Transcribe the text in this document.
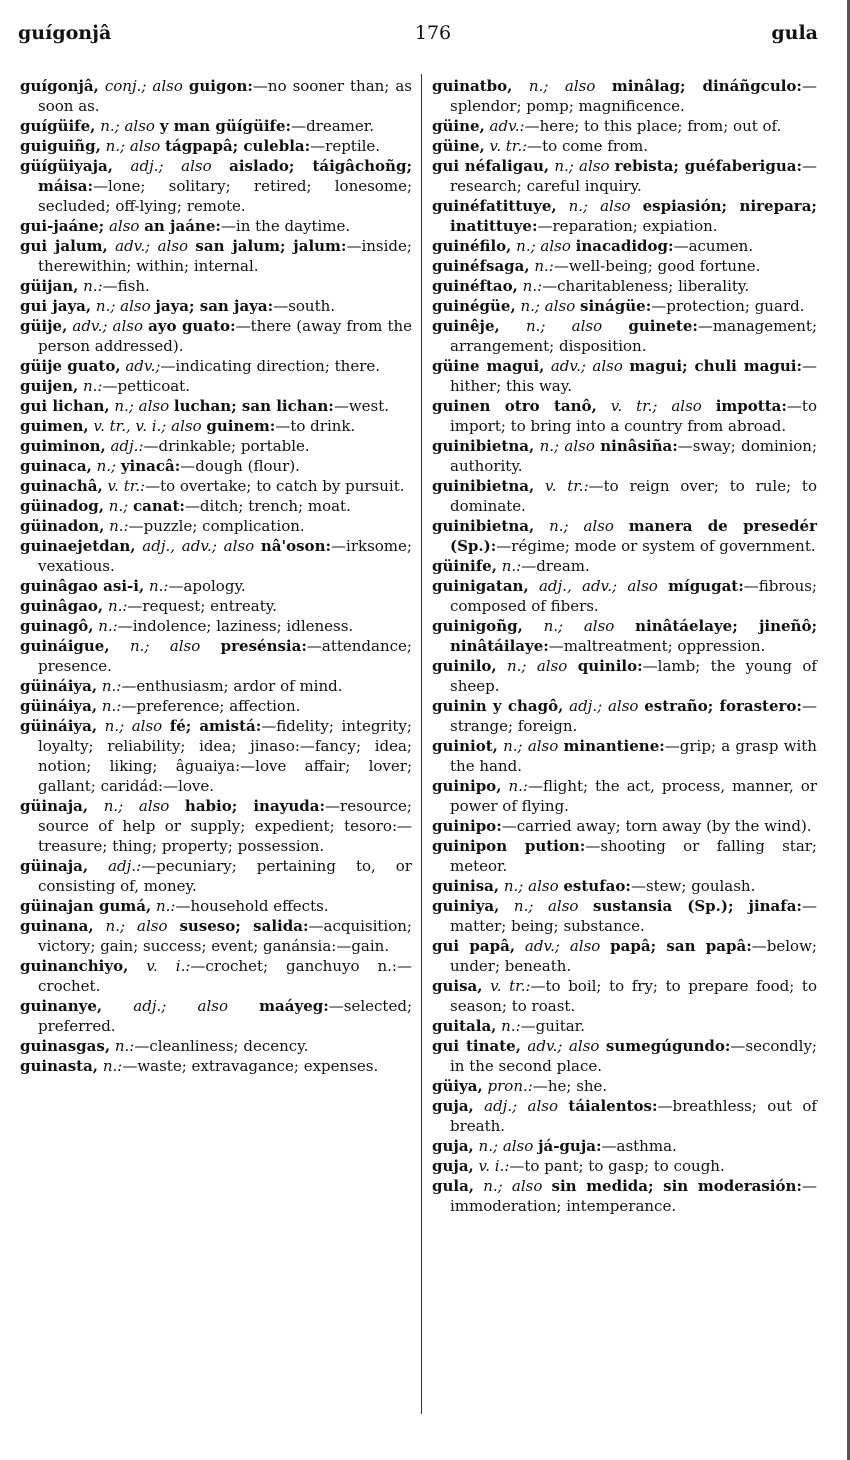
guígonjâ	176	gula

guígonjâ, conj.; also guigon:—no sooner than; as soon as.

guígüife, n.; also y man güígüife:—dreamer.

guiguiñg, n.; also tágpapâ; culebla:—reptile.

güígüiyaja, adj.; also aislado; táigâchoñg; máisa:—lone; solitary; retired; lonesome; secluded; off-lying; remote.

gui-jaáne; also an jaáne:—in the daytime.

gui jalum, adv.; also san jalum; jalum:—inside; therewithin; within; internal.

güijan, n.:—fish.

gui jaya, n.; also jaya; san jaya:—south.

güije, adv.; also ayo guato:—there (away from the person addressed).

güije guato, adv.;—indicating direction; there.

guijen, n.:—petticoat.

gui lichan, n.; also luchan; san lichan:—west.

guimen, v. tr., v. i.; also guinem:—to drink.

guiminon, adj.:—drinkable; portable.

guinaca, n.; yinacâ:—dough (flour).

guinachâ, v. tr.:—to overtake; to catch by pursuit.

güinadog, n.; canat:—ditch; trench; moat.

güinadon, n.:—puzzle; complication.

guinaejetdan, adj., adv.; also nâ'oson:—irksome; vexatious.

guinâgao asi-i, n.:—apology.

guinâgao, n.:—request; entreaty.

guinagô, n.:—indolence; laziness; idleness.

guináigue, n.; also presénsia:—attendance; presence.

güináiya, n.:—enthusiasm; ardor of mind.

güináiya, n.:—preference; affection.

güináiya, n.; also fé; amistá:—fidelity; integrity; loyalty; reliability; idea; jinaso:—fancy; idea; notion; liking; âguaiya:—love affair; lover; gallant; caridád:—love.

güinaja, n.; also habio; inayuda:—resource; source of help or supply; expedient; tesoro:—treasure; thing; property; possession.

güinaja, adj.:—pecuniary; pertaining to, or consisting of, money.

güinajan gumá, n.:—household effects.

guinana, n.; also suseso; salida:—acquisition; victory; gain; success; event; ganánsia:—gain.

guinanchiyo, v. i.:—crochet; ganchuyo n.:—crochet.

guinanye, adj.; also maáyeg:—selected; preferred.

guinasgas, n.:—cleanliness; decency.

guinasta, n.:—waste; extravagance; expenses.

guinatbo, n.; also minâlag; dináñgculo:—splendor; pomp; magnificence.

güine, adv.:—here; to this place; from; out of.

güine, v. tr.:—to come from.

gui néfaligau, n.; also rebista; guéfaberigua:—research; careful inquiry.

guinéfatittuye, n.; also espiasión; nirepara; inatittuye:—reparation; expiation.

guinéfilo, n.; also inacadidog:—acumen.

guinéfsaga, n.:—well-being; good fortune.

guinéftao, n.:—charitableness; liberality.

guinégüe, n.; also sinágüe:—protection; guard.

guinêje, n.; also guinete:—management; arrangement; disposition.

güine magui, adv.; also magui; chuli magui:—hither; this way.

guinen otro tanô, v. tr.; also impotta:—to import; to bring into a country from abroad.

guinibietna, n.; also ninâsiña:—sway; dominion; authority.

guinibietna, v. tr.:—to reign over; to rule; to dominate.

guinibietna, n.; also manera de presedér (Sp.):—régime; mode or system of government.

güinife, n.:—dream.

guinigatan, adj., adv.; also mígugat:—fibrous; composed of fibers.

guinigoñg, n.; also ninâtáelaye; jineñô; ninâtáilaye:—maltreatment; oppression.

guinilo, n.; also quinilo:—lamb; the young of sheep.

guinin y chagô, adj.; also estraño; forastero:—strange; foreign.

guiniot, n.; also minantiene:—grip; a grasp with the hand.

guinipo, n.:—flight; the act, process, manner, or power of flying.

guinipo:—carried away; torn away (by the wind).

guinipon pution:—shooting or falling star; meteor.

guinisa, n.; also estufao:—stew; goulash.

guiniya, n.; also sustansia (Sp.); jinafa:—matter; being; substance.

gui papâ, adv.; also papâ; san papâ:—below; under; beneath.

guisa, v. tr.:—to boil; to fry; to prepare food; to season; to roast.

guitala, n.:—guitar.

gui tinate, adv.; also sumegúgundo:—secondly; in the second place.

güiya, pron.:—he; she.

guja, adj.; also táialentos:—breathless; out of breath.

guja, n.; also já-guja:—asthma.

guja, v. i.:—to pant; to gasp; to cough.

gula, n.; also sin medida; sin moderasión:—immoderation; intemperance.
